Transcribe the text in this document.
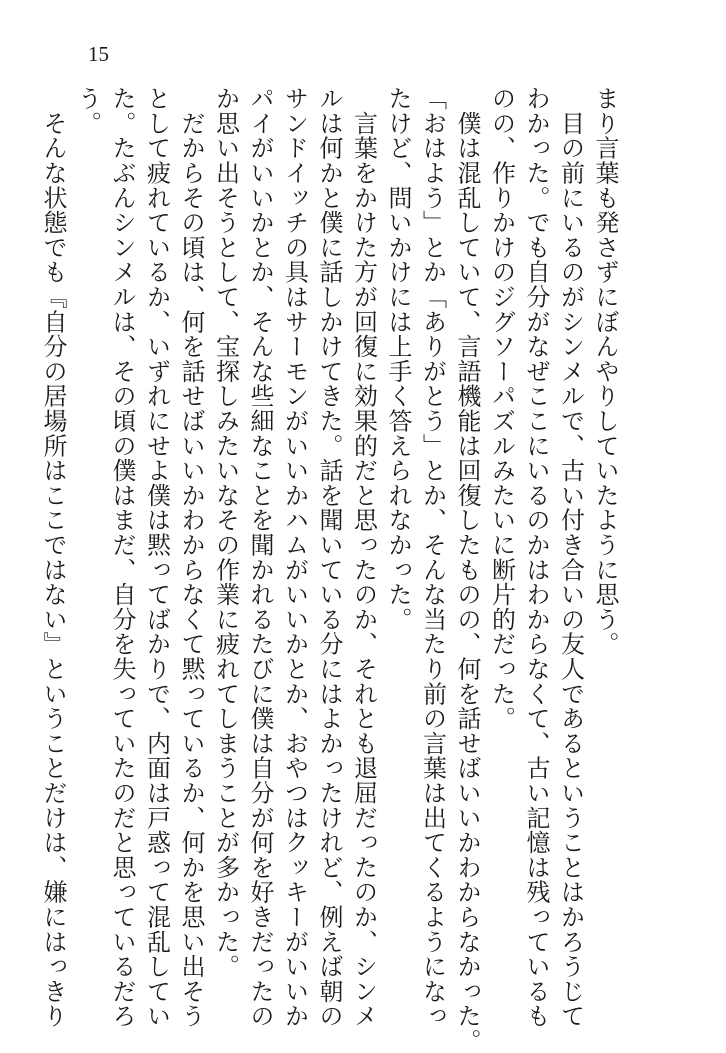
15

まり言葉も発さずにぼんやりしていたように思う。

　目の前にいるのがシンメルで、古い付き合いの友人であるということはかろうじて

わかった。でも自分がなぜここにいるのかはわからなくて、古い記憶は残っているも

のの、作りかけのジグソーパズルみたいに断片的だった。

　僕は混乱していて、言語機能は回復したものの、何を話せばいいかわからなかった。

「おはよう」とか「ありがとう」とか、そんな当たり前の言葉は出てくるようになっ

たけど、問いかけには上手く答えられなかった。

　言葉をかけた方が回復に効果的だと思ったのか、それとも退屈だったのか、シンメ

ルは何かと僕に話しかけてきた。話を聞いている分にはよかったけれど、例えば朝の

サンドイッチの具はサーモンがいいかハムがいいかとか、おやつはクッキーがいいか

パイがいいかとか、そんな些細なことを聞かれるたびに僕は自分が何を好きだったの

か思い出そうとして、宝探しみたいなその作業に疲れてしまうことが多かった。

　だからその頃は、何を話せばいいかわからなくて黙っているか、何かを思い出そう

として疲れているか、いずれにせよ僕は黙ってばかりで、内面は戸惑って混乱してい

た。たぶんシンメルは、その頃の僕はまだ、自分を失っていたのだと思っているだろ

う。

　そんな状態でも『自分の居場所はここではない』ということだけは、嫌にはっきり
